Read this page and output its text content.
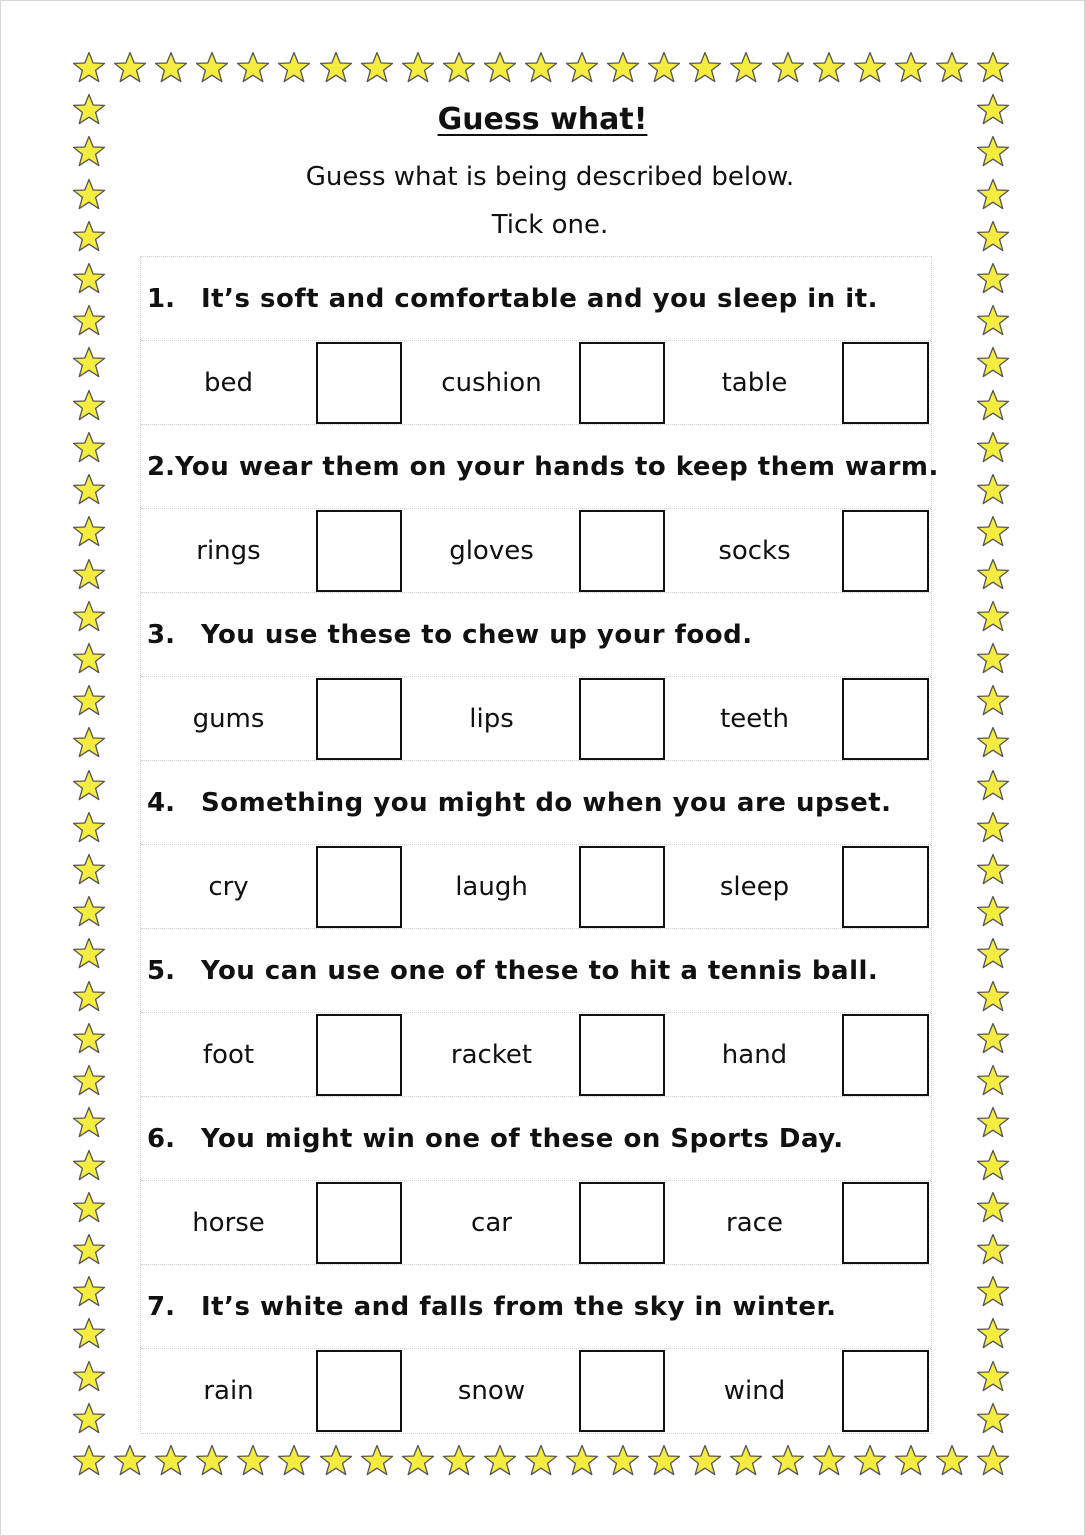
Guess what!
Guess what is being described below.
Tick one.
1.	It’s soft and comfortable and you sleep in it.
bed	cushion	table
2. You wear them on your hands to keep them warm.
rings	gloves	socks
3.	You use these to chew up your food.
gums	lips	teeth
4.	Something you might do when you are upset.
cry	laugh	sleep
5.	You can use one of these to hit a tennis ball.
foot	racket	hand
6.	You might win one of these on Sports Day.
horse	car	race
7.	It’s white and falls from the sky in winter.
rain	snow	wind
